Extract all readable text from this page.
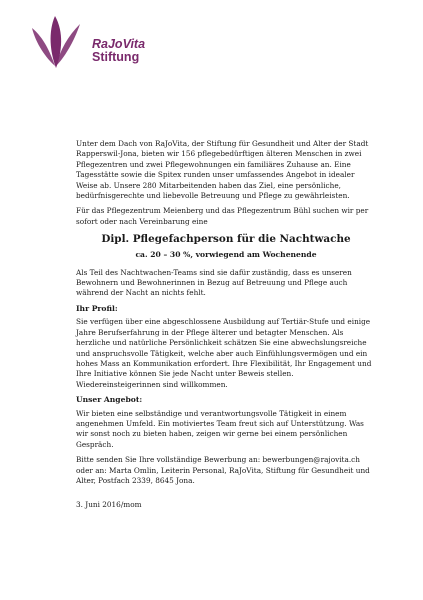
RaJoVita
Stiftung

Unter dem Dach von RaJoVita, der Stiftung für Gesundheit und Alter der Stadt Rapperswil-Jona, bieten wir 156 pflegebedürftigen älteren Menschen in zwei Pflegezentren und zwei Pflegewohnungen ein familiäres Zuhause an. Eine Tagesstätte sowie die Spitex runden unser umfassendes Angebot in idealer Weise ab. Unsere 280 Mitarbeitenden haben das Ziel, eine persönliche, bedürfnisgerechte und liebevolle Betreuung und Pflege zu gewährleisten.

Für das Pflegezentrum Meienberg und das Pflegezentrum Bühl suchen wir per sofort oder nach Vereinbarung eine

Dipl. Pflegefachperson für die Nachtwache
ca. 20 – 30 %, vorwiegend am Wochenende

Als Teil des Nachtwachen-Teams sind sie dafür zuständig, dass es unseren Bewohnern und Bewohnerinnen in Bezug auf Betreuung und Pflege auch während der Nacht an nichts fehlt.

Ihr Profil:

Sie verfügen über eine abgeschlossene Ausbildung auf Tertiär-Stufe und einige Jahre Berufserfahrung in der Pflege älterer und betagter Menschen. Als herzliche und natürliche Persönlichkeit schätzen Sie eine abwechslungsreiche und anspruchsvolle Tätigkeit, welche aber auch Einfühlungsvermögen und ein hohes Mass an Kommunikation erfordert. Ihre Flexibilität, Ihr Engagement und Ihre Initiative können Sie jede Nacht unter Beweis stellen. Wiedereinsteigerinnen sind willkommen.

Unser Angebot:

Wir bieten eine selbständige und verantwortungsvolle Tätigkeit in einem angenehmen Umfeld. Ein motiviertes Team freut sich auf Unterstützung. Was wir sonst noch zu bieten haben, zeigen wir gerne bei einem persönlichen Gespräch.

Bitte senden Sie Ihre vollständige Bewerbung an: bewerbungen@rajovita.ch oder an: Marta Omlin, Leiterin Personal, RaJoVita, Stiftung für Gesundheit und Alter, Postfach 2339, 8645 Jona.

3. Juni 2016/mom
